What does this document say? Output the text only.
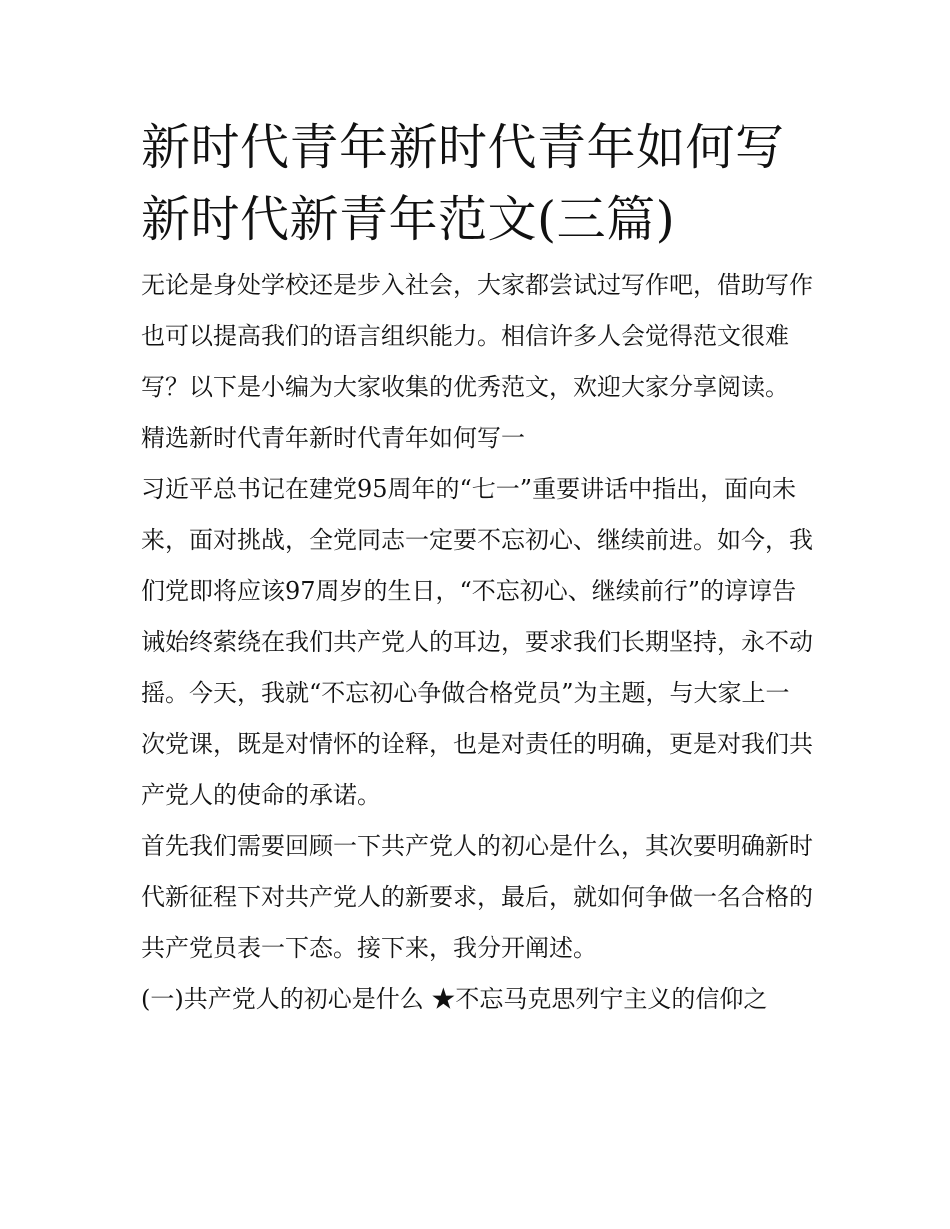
新时代青年新时代青年如何写新时代新青年范文(三篇)

无论是身处学校还是步入社会，大家都尝试过写作吧，借助写作也可以提高我们的语言组织能力。相信许多人会觉得范文很难写？以下是小编为大家收集的优秀范文，欢迎大家分享阅读。

精选新时代青年新时代青年如何写一

习近平总书记在建党95周年的“七一”重要讲话中指出，面向未来，面对挑战，全党同志一定要不忘初心、继续前进。如今，我们党即将应该97周岁的生日，“不忘初心、继续前行”的谆谆告诫始终萦绕在我们共产党人的耳边，要求我们长期坚持，永不动摇。今天，我就“不忘初心争做合格党员”为主题，与大家上一次党课，既是对情怀的诠释，也是对责任的明确，更是对我们共产党人的使命的承诺。

首先我们需要回顾一下共产党人的初心是什么，其次要明确新时代新征程下对共产党人的新要求，最后，就如何争做一名合格的共产党员表一下态。接下来，我分开阐述。

(一)共产党人的初心是什么 ★不忘马克思列宁主义的信仰之
